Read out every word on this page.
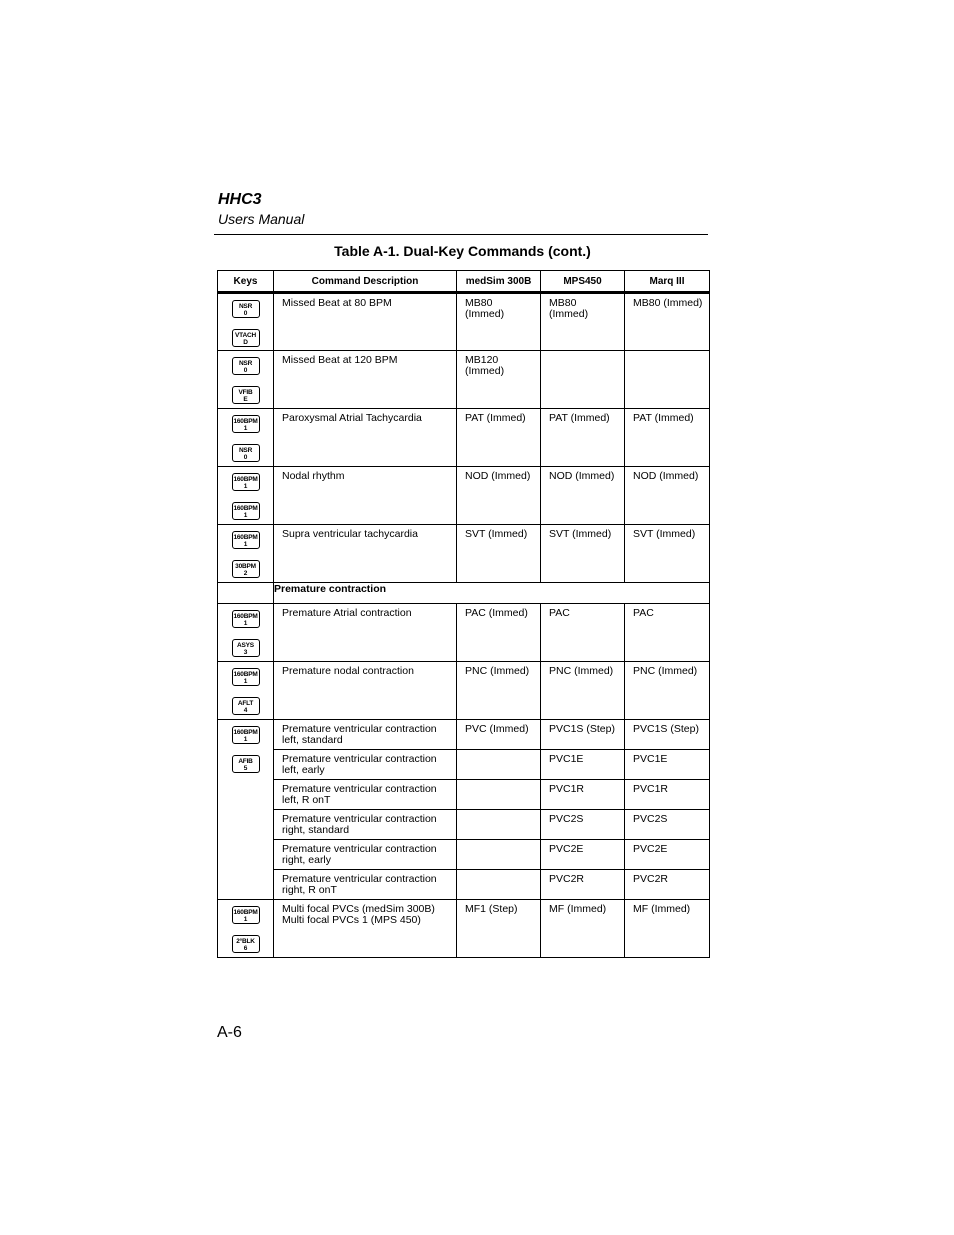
HHC3
Users Manual
Table A-1. Dual-Key Commands (cont.)
Keys	Command Description	medSim 300B	MPS450	Marq III

NSR
0
VTACH
D	Missed Beat at 80 BPM	MB80 (Immed)	MB80 (Immed)	MB80 (Immed)

NSR
0
VFIB
E	Missed Beat at 120 BPM	MB120 (Immed)		

160BPM
1
NSR
0	Paroxysmal Atrial Tachycardia	PAT (Immed)	PAT (Immed)	PAT (Immed)

160BPM
1
160BPM
1	Nodal rhythm	NOD (Immed)	NOD (Immed)	NOD (Immed)

160BPM
1
30BPM
2	Supra ventricular tachycardia	SVT (Immed)	SVT (Immed)	SVT (Immed)
	Premature contraction			

160BPM
1
ASYS
3	Premature Atrial contraction	PAC (Immed)	PAC	PAC

160BPM
1
AFLT
4	Premature nodal contraction	PNC (Immed)	PNC (Immed)	PNC (Immed)

160BPM
1
AFIB
5	Premature ventricular contraction left, standard	PVC (Immed)	PVC1S (Step)	PVC1S (Step)
	Premature ventricular contraction left, early		PVC1E	PVC1E
	Premature ventricular contraction left, R onT		PVC1R	PVC1R
	Premature ventricular contraction right, standard		PVC2S	PVC2S
	Premature ventricular contraction right, early		PVC2E	PVC2E
	Premature ventricular contraction right, R onT		PVC2R	PVC2R

160BPM
1
2°BLK
6	Multi focal PVCs (medSim 300B)
Multi focal PVCs 1 (MPS 450)	MF1 (Step)	MF (Immed)	MF (Immed)
A-6
